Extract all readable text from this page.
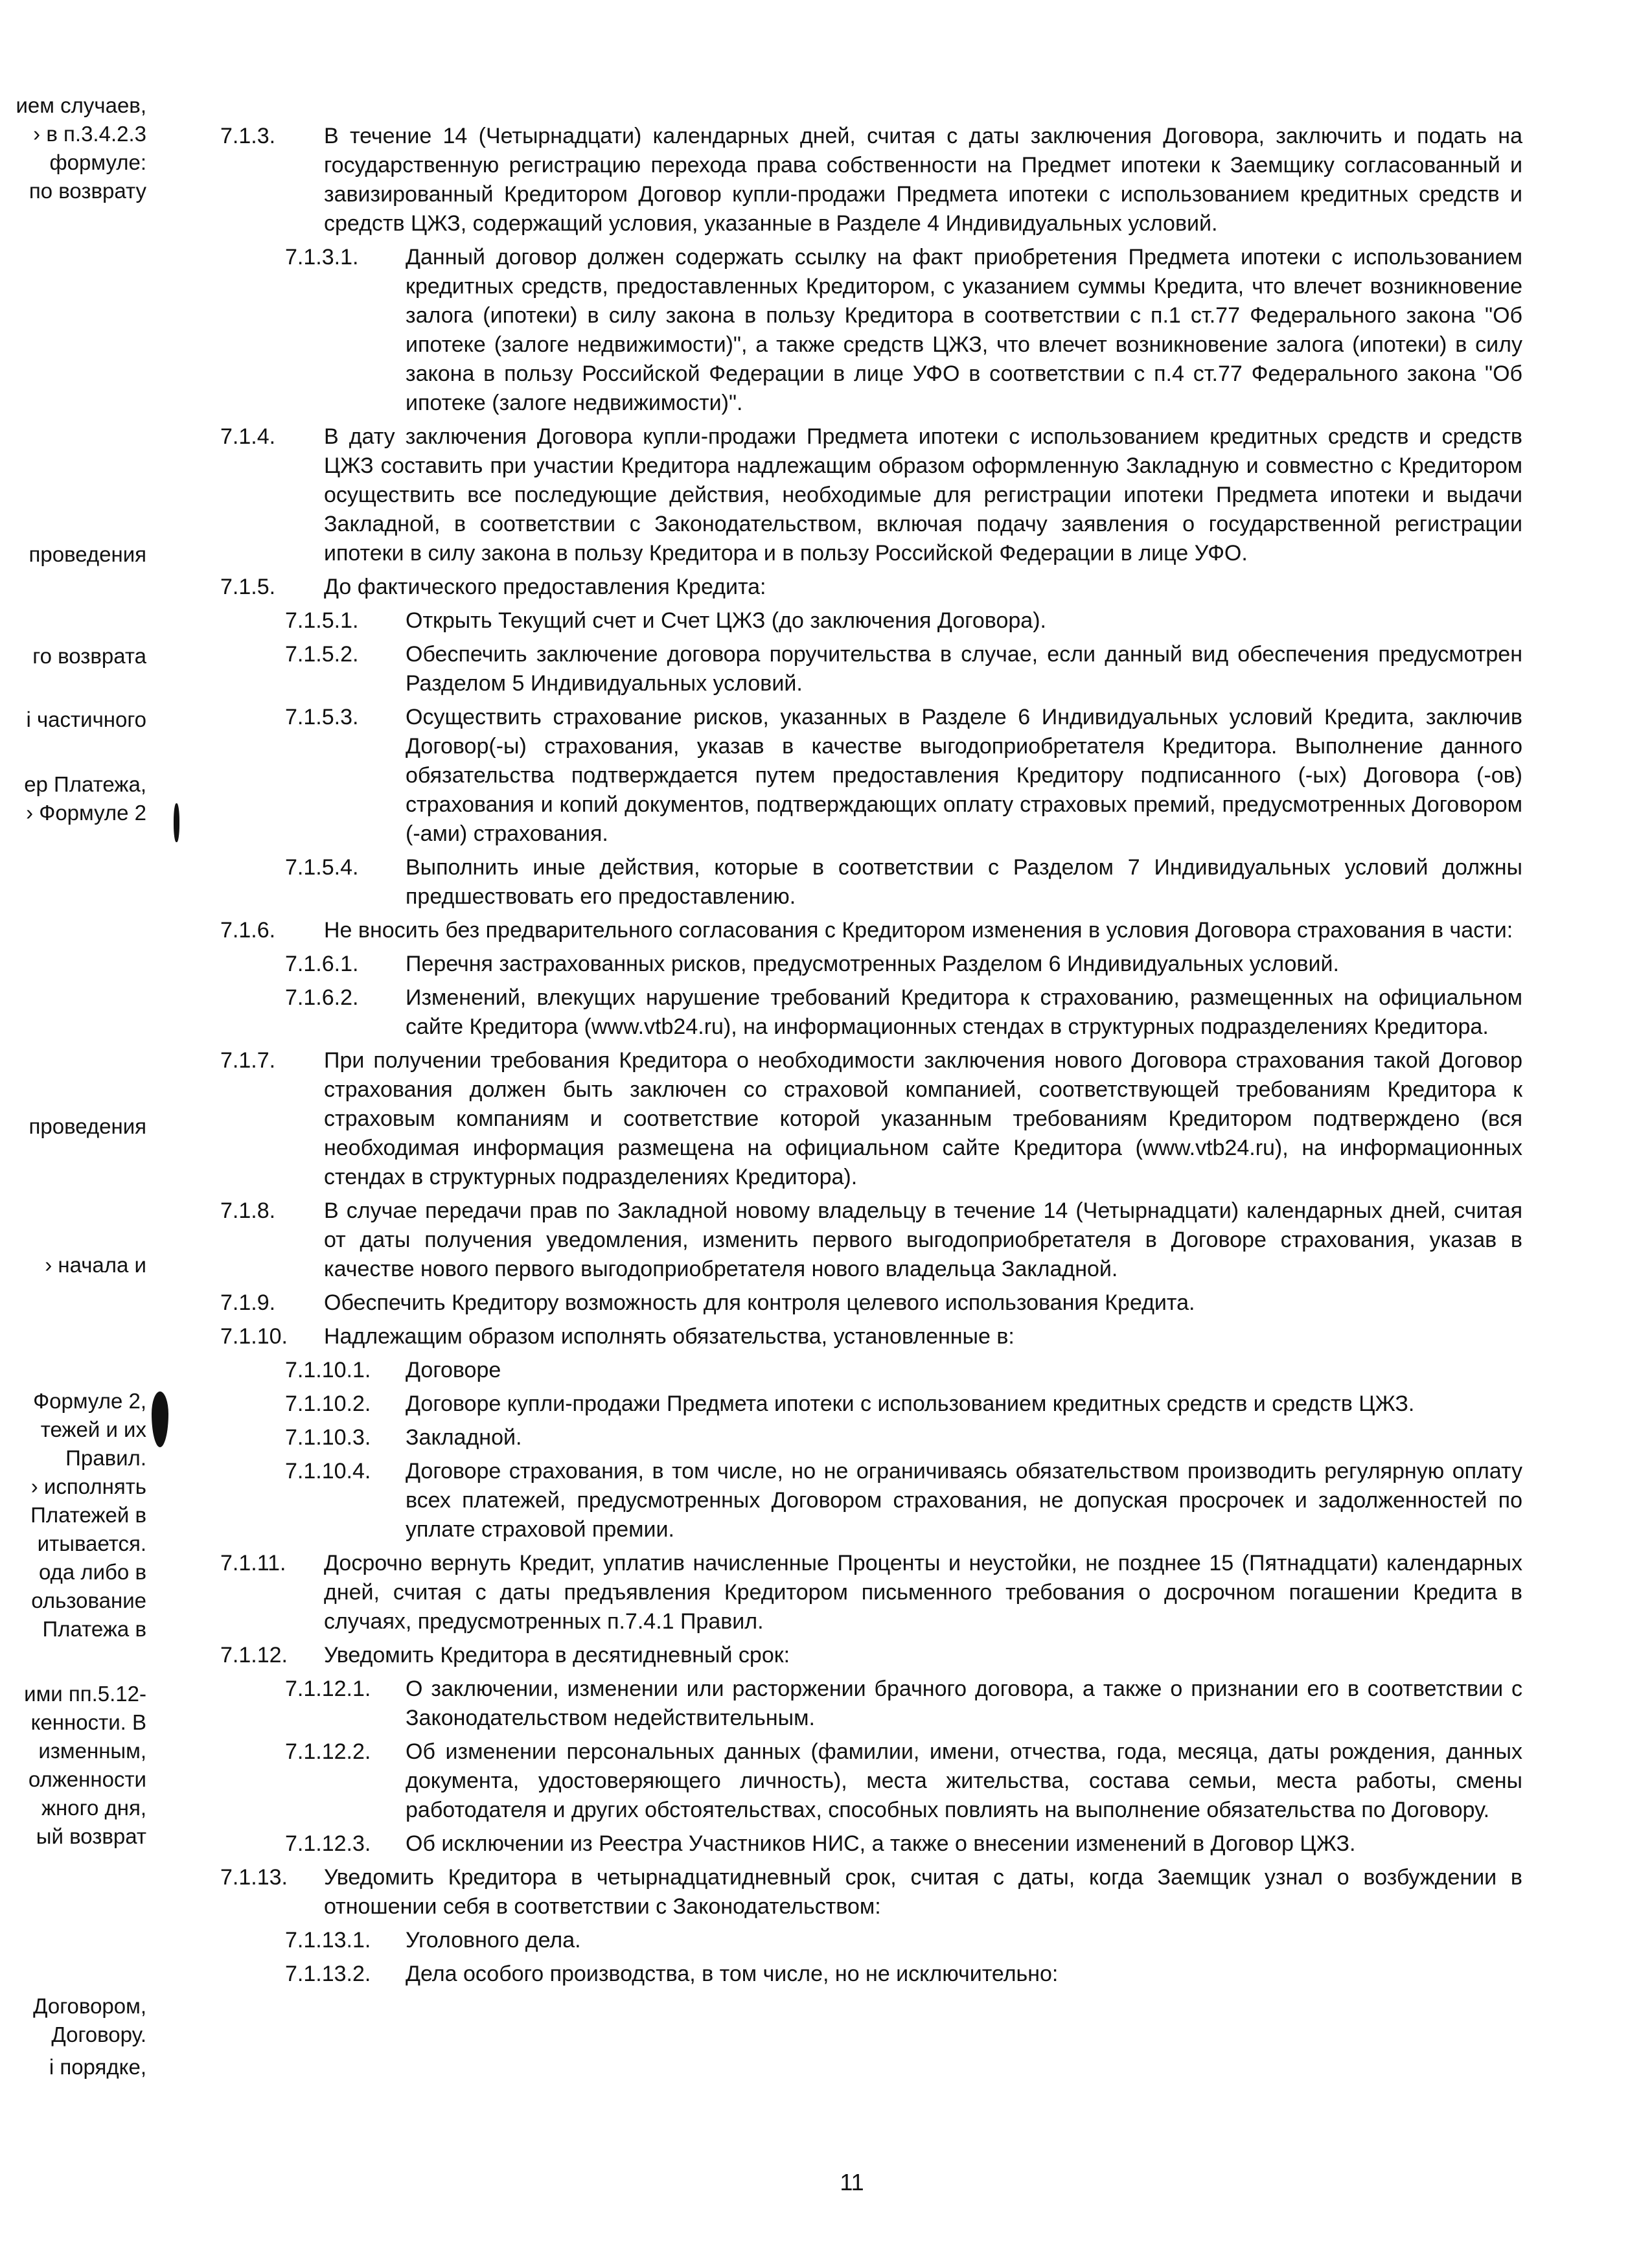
ием случаев,
› в п.3.4.2.3
формуле:
по возврату
проведения
го возврата
і частичного
ер Платежа,
› Формуле 2
проведения
› начала и
Формуле 2,
тежей и их
Правил.
› исполнять
Платежей в
итывается.
ода либо в
ользование
Платежа в
ими пп.5.12-
кенности. В
изменным,
олженности
жного дня,
ый возврат
Договором,
Договору.
і порядке,
7.1.3.	В течение 14 (Четырнадцати) календарных дней, считая с даты заключения Договора, заключить и подать на государственную регистрацию перехода права собственности на Предмет ипотеки к Заемщику согласованный и завизированный Кредитором Договор купли-продажи Предмета ипотеки с использованием кредитных средств и средств ЦЖЗ, содержащий условия, указанные в Разделе 4 Индивидуальных условий.
7.1.3.1.	Данный договор должен содержать ссылку на факт приобретения Предмета ипотеки с использованием кредитных средств, предоставленных Кредитором, с указанием суммы Кредита, что влечет возникновение залога (ипотеки) в силу закона в пользу Кредитора в соответствии с п.1 ст.77 Федерального закона "Об ипотеке (залоге недвижимости)", а также средств ЦЖЗ, что влечет возникновение залога (ипотеки) в силу закона в пользу Российской Федерации в лице УФО в соответствии с п.4 ст.77 Федерального закона "Об ипотеке (залоге недвижимости)".
7.1.4.	В дату заключения Договора купли-продажи Предмета ипотеки с использованием кредитных средств и средств ЦЖЗ составить при участии Кредитора надлежащим образом оформленную Закладную и совместно с Кредитором осуществить все последующие действия, необходимые для регистрации ипотеки Предмета ипотеки и выдачи Закладной, в соответствии с Законодательством, включая подачу заявления о государственной регистрации ипотеки в силу закона в пользу Кредитора и в пользу Российской Федерации в лице УФО.
7.1.5.	До фактического предоставления Кредита:
7.1.5.1.	Открыть Текущий счет и Счет ЦЖЗ (до заключения Договора).
7.1.5.2.	Обеспечить заключение договора поручительства в случае, если данный вид обеспечения предусмотрен Разделом 5 Индивидуальных условий.
7.1.5.3.	Осуществить страхование рисков, указанных в Разделе 6 Индивидуальных условий Кредита, заключив Договор(-ы) страхования, указав в качестве выгодоприобретателя Кредитора. Выполнение данного обязательства подтверждается путем предоставления Кредитору подписанного (-ых) Договора (-ов) страхования и копий документов, подтверждающих оплату страховых премий, предусмотренных Договором (-ами) страхования.
7.1.5.4.	Выполнить иные действия, которые в соответствии с Разделом 7 Индивидуальных условий должны предшествовать его предоставлению.
7.1.6.	Не вносить без предварительного согласования с Кредитором изменения в условия Договора страхования в части:
7.1.6.1.	Перечня застрахованных рисков, предусмотренных Разделом 6 Индивидуальных условий.
7.1.6.2.	Изменений, влекущих нарушение требований Кредитора к страхованию, размещенных на официальном сайте Кредитора (www.vtb24.ru), на информационных стендах в структурных подразделениях Кредитора.
7.1.7.	При получении требования Кредитора о необходимости заключения нового Договора страхования такой Договор страхования должен быть заключен со страховой компанией, соответствующей требованиям Кредитора к страховым компаниям и соответствие которой указанным требованиям Кредитором подтверждено (вся необходимая информация размещена на официальном сайте Кредитора (www.vtb24.ru), на информационных стендах в структурных подразделениях Кредитора).
7.1.8.	В случае передачи прав по Закладной новому владельцу в течение 14 (Четырнадцати) календарных дней, считая от даты получения уведомления, изменить первого выгодоприобретателя в Договоре страхования, указав в качестве нового первого выгодоприобретателя нового владельца Закладной.
7.1.9.	Обеспечить Кредитору возможность для контроля целевого использования Кредита.
7.1.10.	Надлежащим образом исполнять обязательства, установленные в:
7.1.10.1.	Договоре
7.1.10.2.	Договоре купли-продажи Предмета ипотеки с использованием кредитных средств и средств ЦЖЗ.
7.1.10.3.	Закладной.
7.1.10.4.	Договоре страхования, в том числе, но не ограничиваясь обязательством производить регулярную оплату всех платежей, предусмотренных Договором страхования, не допуская просрочек и задолженностей по уплате страховой премии.
7.1.11.	Досрочно вернуть Кредит, уплатив начисленные Проценты и неустойки, не позднее 15 (Пятнадцати) календарных дней, считая с даты предъявления Кредитором письменного требования о досрочном погашении Кредита в случаях, предусмотренных п.7.4.1 Правил.
7.1.12.	Уведомить Кредитора в десятидневный срок:
7.1.12.1.	О заключении, изменении или расторжении брачного договора, а также о признании его в соответствии с Законодательством недействительным.
7.1.12.2.	Об изменении персональных данных (фамилии, имени, отчества, года, месяца, даты рождения, данных документа, удостоверяющего личность), места жительства, состава семьи, места работы, смены работодателя и других обстоятельствах, способных повлиять на выполнение обязательства по Договору.
7.1.12.3.	Об исключении из Реестра Участников НИС, а также о внесении изменений в Договор ЦЖЗ.
7.1.13.	Уведомить Кредитора в четырнадцатидневный срок, считая с даты, когда Заемщик узнал о возбуждении в отношении себя в соответствии с Законодательством:
7.1.13.1.	Уголовного дела.
7.1.13.2.	Дела особого производства, в том числе, но не исключительно:
11
